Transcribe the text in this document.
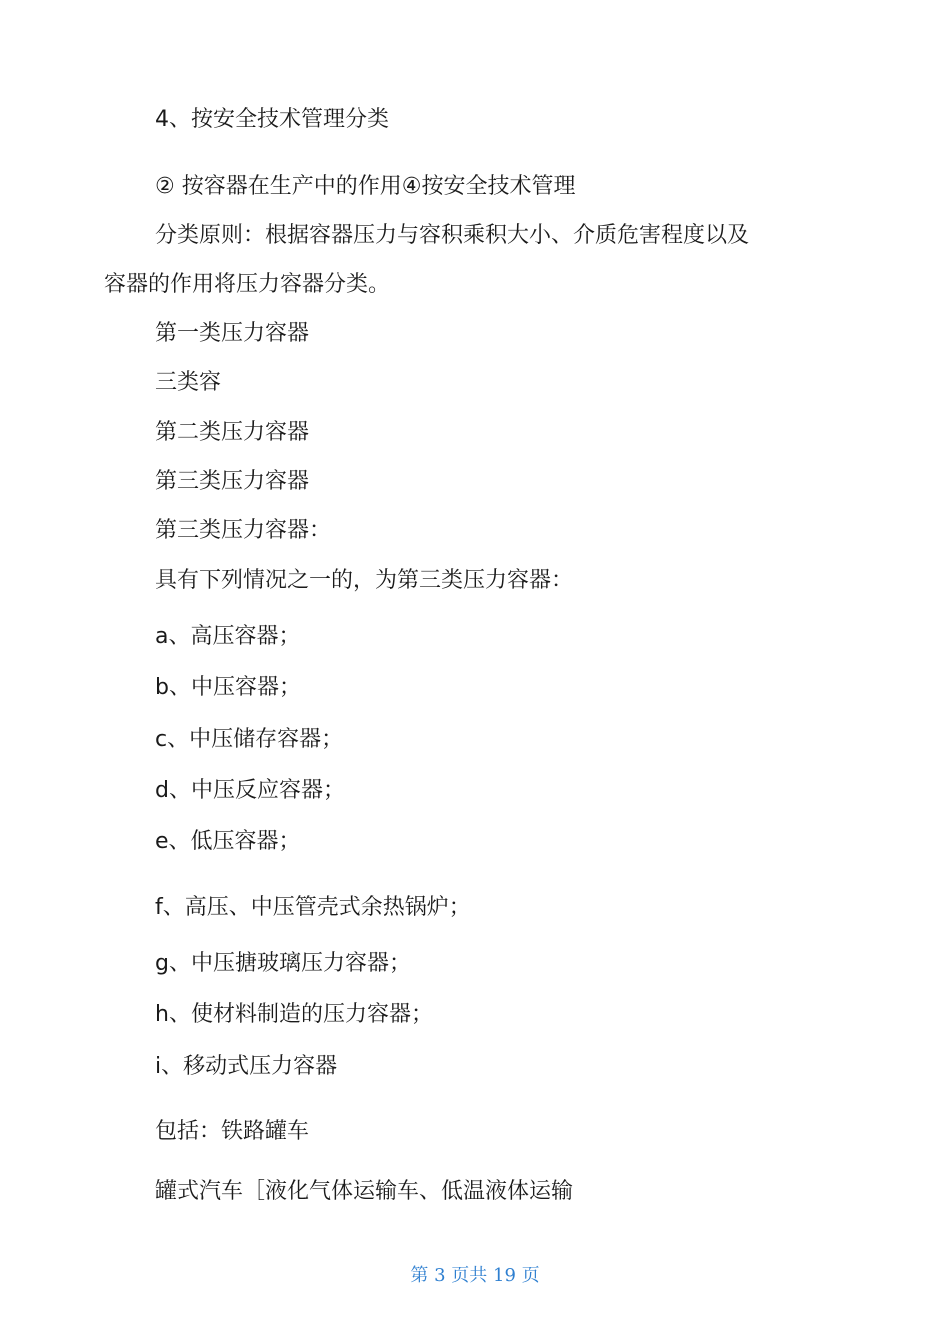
4、按安全技术管理分类
② 按容器在生产中的作用④按安全技术管理
分类原则：根据容器压力与容积乘积大小、介质危害程度以及
容器的作用将压力容器分类。
第一类压力容器
三类容
第二类压力容器
第三类压力容器
第三类压力容器：
具有下列情况之一的，为第三类压力容器：
a、高压容器；
b、中压容器；
c、中压储存容器；
d、中压反应容器；
e、低压容器；
f、高压、中压管壳式余热锅炉；
g、中压搪玻璃压力容器；
h、使材料制造的压力容器；
i、移动式压力容器
包括：铁路罐车
罐式汽车［液化气体运输车、低温液体运输
第 3 页共 19 页
